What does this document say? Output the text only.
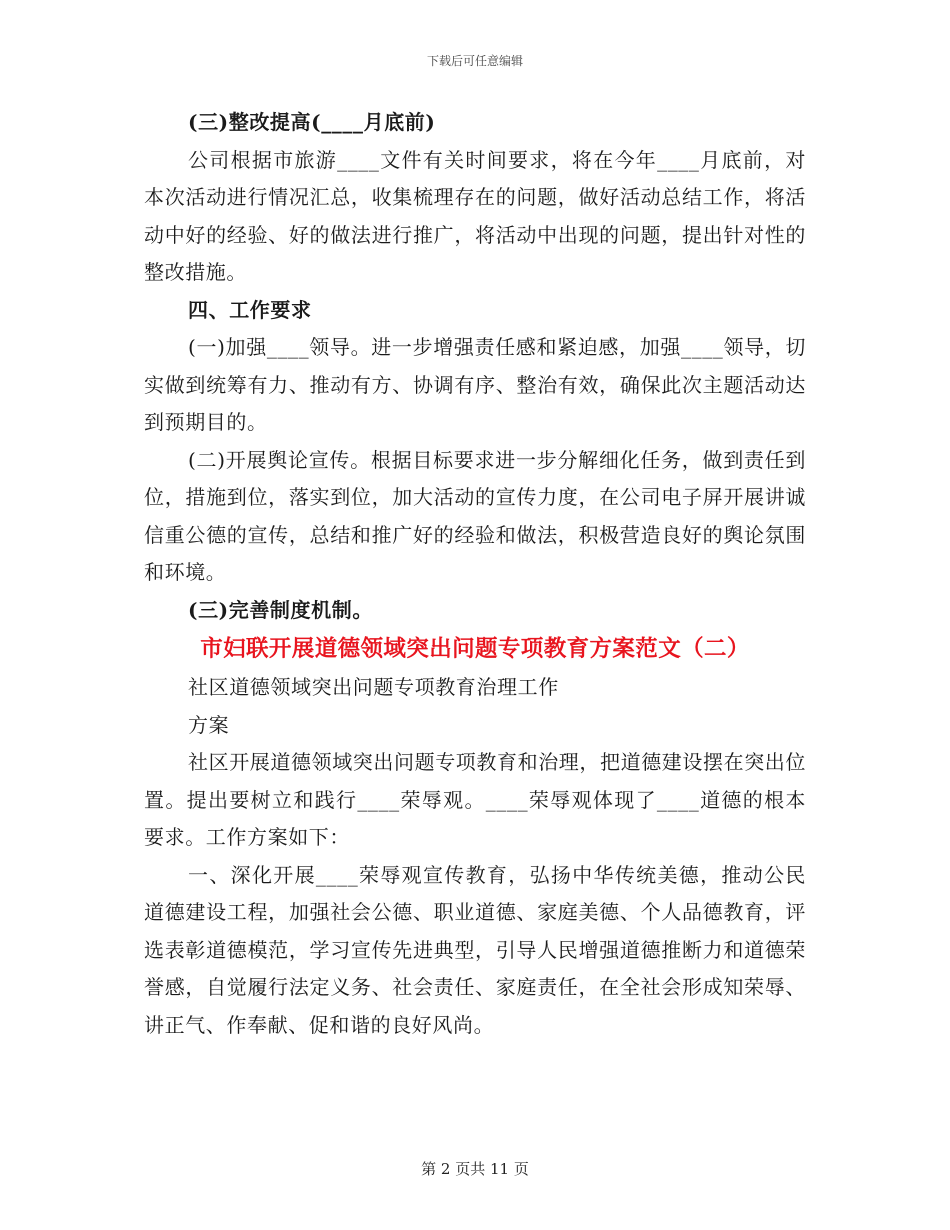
下载后可任意编辑

(三)整改提高(____月底前)

公司根据市旅游____文件有关时间要求，将在今年____月底前，对本次活动进行情况汇总，收集梳理存在的问题，做好活动总结工作，将活动中好的经验、好的做法进行推广，将活动中出现的问题，提出针对性的整改措施。

四、工作要求

(一)加强____领导。进一步增强责任感和紧迫感，加强____领导，切实做到统筹有力、推动有方、协调有序、整治有效，确保此次主题活动达到预期目的。

(二)开展舆论宣传。根据目标要求进一步分解细化任务，做到责任到位，措施到位，落实到位，加大活动的宣传力度，在公司电子屏开展讲诚信重公德的宣传，总结和推广好的经验和做法，积极营造良好的舆论氛围和环境。

(三)完善制度机制。

市妇联开展道德领域突出问题专项教育方案范文（二）

社区道德领域突出问题专项教育治理工作

方案

社区开展道德领域突出问题专项教育和治理，把道德建设摆在突出位置。提出要树立和践行____荣辱观。____荣辱观体现了____道德的根本要求。工作方案如下：

一、深化开展____荣辱观宣传教育，弘扬中华传统美德，推动公民道德建设工程，加强社会公德、职业道德、家庭美德、个人品德教育，评选表彰道德模范，学习宣传先进典型，引导人民增强道德推断力和道德荣誉感，自觉履行法定义务、社会责任、家庭责任，在全社会形成知荣辱、讲正气、作奉献、促和谐的良好风尚。

第 2 页共 11 页
